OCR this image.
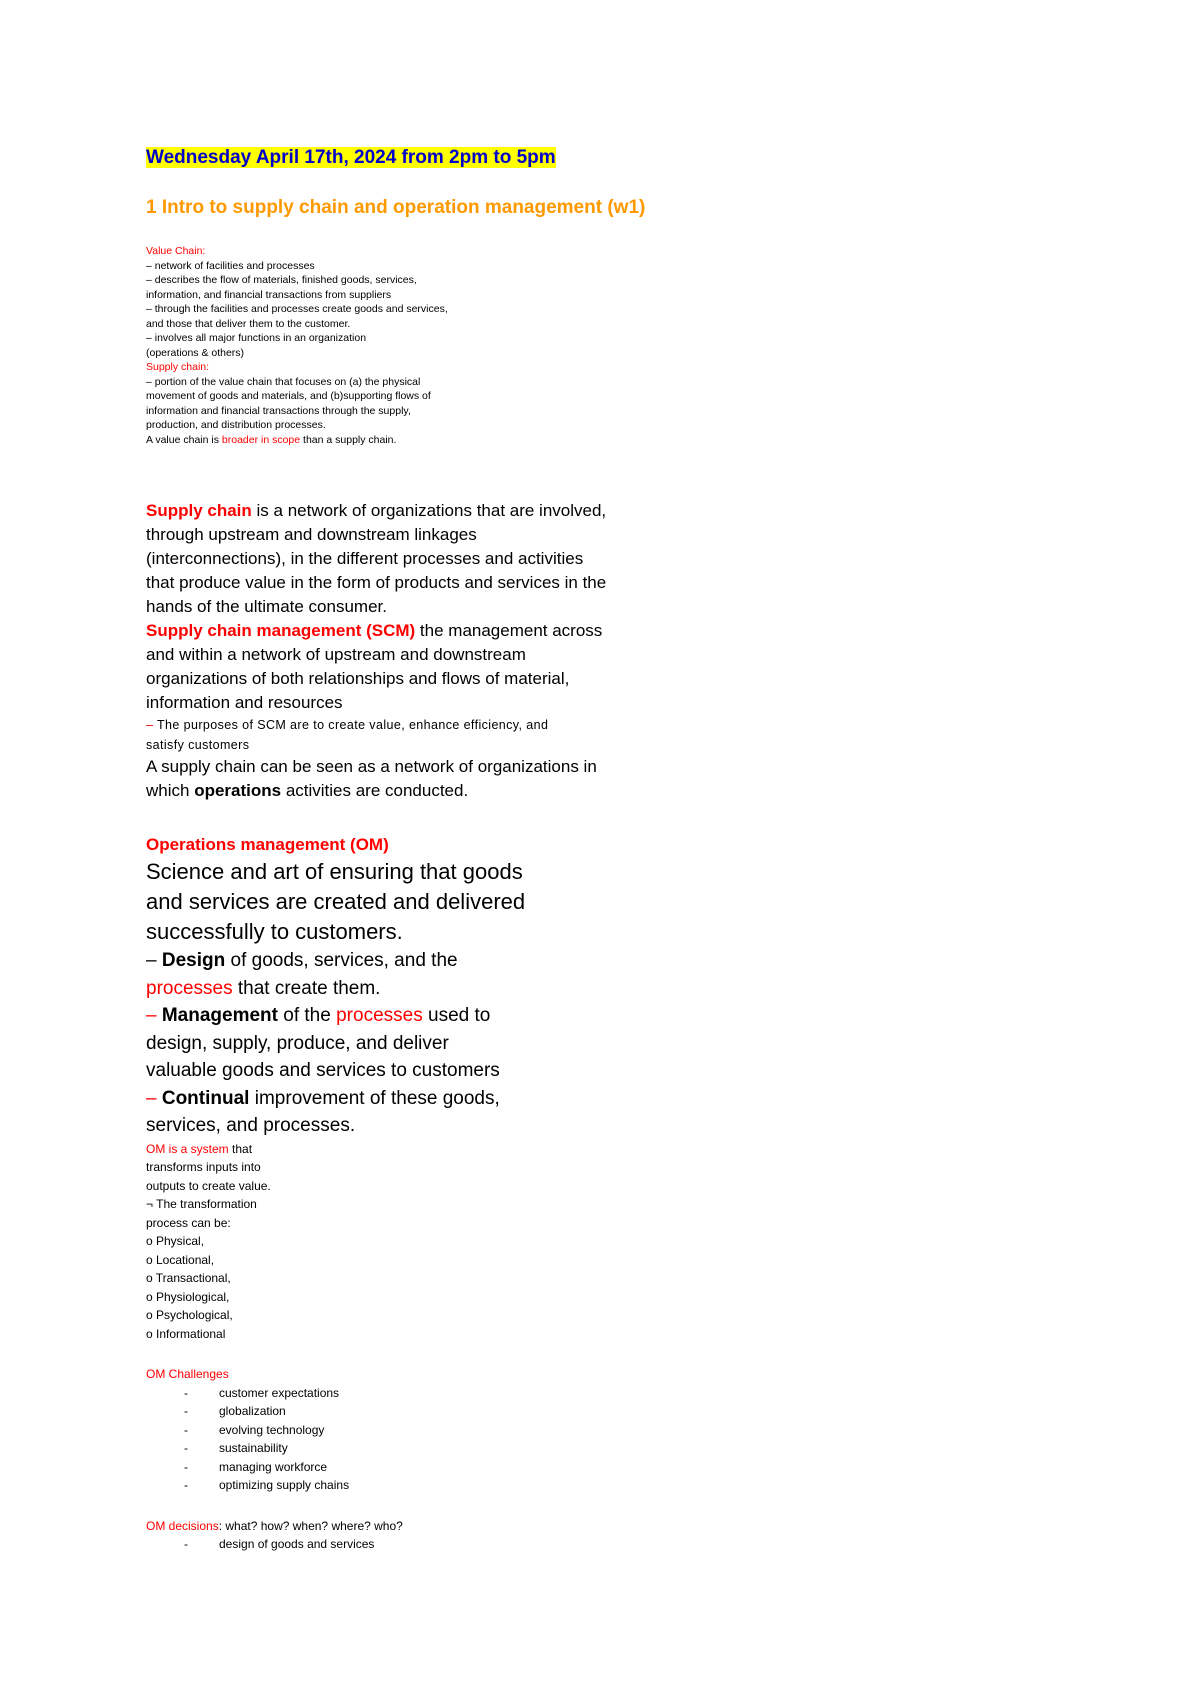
Wednesday April 17th, 2024 from 2pm to 5pm

1 Intro to supply chain and operation management (w1)

Value Chain:

– network of facilities and processes

– describes the flow of materials, finished goods, services,

information, and financial transactions from suppliers

– through the facilities and processes create goods and services,

and those that deliver them to the customer.

– involves all major functions in an organization

(operations & others)

Supply chain:

– portion of the value chain that focuses on (a) the physical

movement of goods and materials, and (b)supporting flows of

information and financial transactions through the supply,

production, and distribution processes.

A value chain is broader in scope than a supply chain.

Supply chain is a network of organizations that are involved,

through upstream and downstream linkages

(interconnections), in the different processes and activities

that produce value in the form of products and services in the

hands of the ultimate consumer.

Supply chain management (SCM) the management across

and within a network of upstream and downstream

organizations of both relationships and flows of material,

information and resources

– The purposes of SCM are to create value, enhance efficiency, and

satisfy customers

A supply chain can be seen as a network of organizations in

which operations activities are conducted.

Operations management (OM)

Science and art of ensuring that goods

and services are created and delivered

successfully to customers.

– Design of goods, services, and the

processes that create them.

– Management of the processes used to

design, supply, produce, and deliver

valuable goods and services to customers

– Continual improvement of these goods,

services, and processes.

OM is a system that

transforms inputs into

outputs to create value.

¬ The transformation

process can be:

o Physical,

o Locational,

o Transactional,

o Physiological,

o Psychological,

o Informational

OM Challenges

-	customer expectations
-	globalization
-	evolving technology
-	sustainability
-	managing workforce
-	optimizing supply chains

OM decisions: what? how? when? where? who?

-	design of goods and services
